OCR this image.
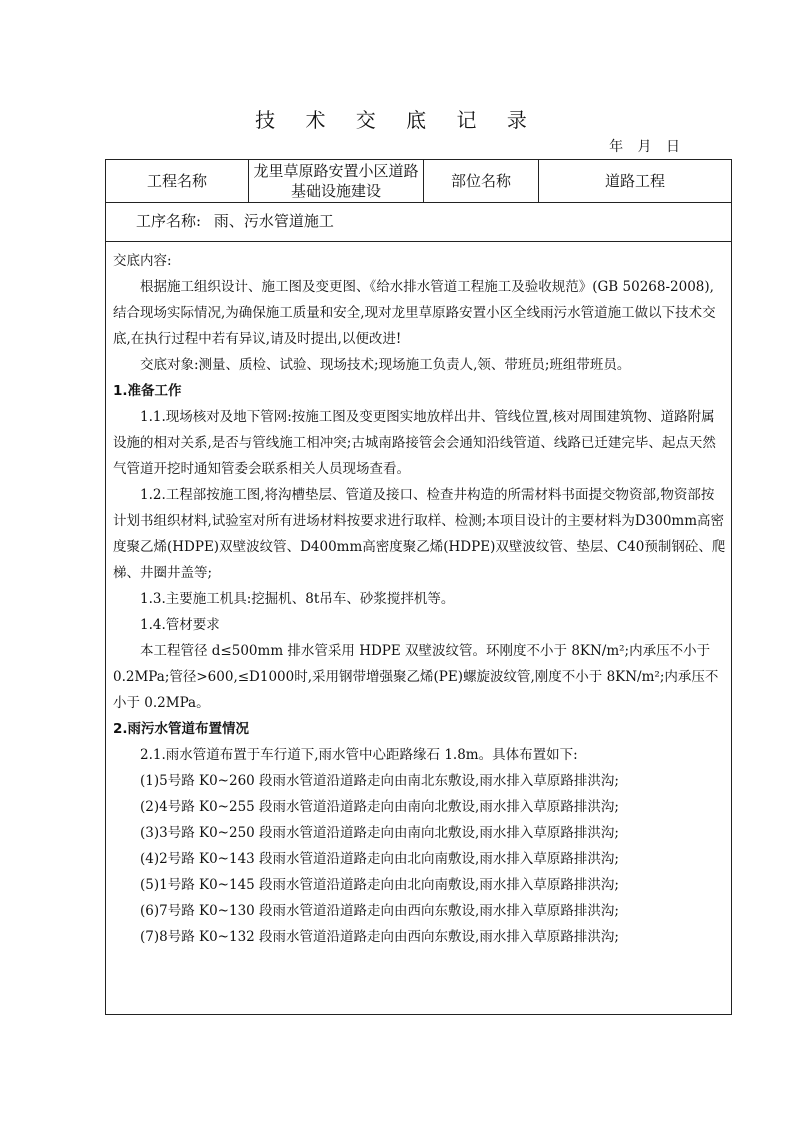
技 术 交 底 记 录
年 月 日
工程名称
龙里草原路安置小区道路基础设施建设
部位名称	道路工程
工序名称: 雨、污水管道施工

交底内容:

根据施工组织设计、施工图及变更图、《给水排水管道工程施工及验收规范》(GB 50268-2008),结合现场实际情况,为确保施工质量和安全,现对龙里草原路安置小区全线雨污水管道施工做以下技术交底,在执行过程中若有异议,请及时提出,以便改进!

交底对象:测量、质检、试验、现场技术;现场施工负责人,领、带班员;班组带班员。

1.准备工作

1.1.现场核对及地下管网:按施工图及变更图实地放样出井、管线位置,核对周围建筑物、道路附属设施的相对关系,是否与管线施工相冲突;古城南路接管会会通知沿线管道、线路已迁建完毕、起点天然气管道开挖时通知管委会联系相关人员现场查看。

1.2.工程部按施工图,将沟槽垫层、管道及接口、检查井构造的所需材料书面提交物资部,物资部按计划书组织材料,试验室对所有进场材料按要求进行取样、检测;本项目设计的主要材料为D300mm高密度聚乙烯(HDPE)双壁波纹管、D400mm高密度聚乙烯(HDPE)双壁波纹管、垫层、C40预制钢砼、爬梯、井圈井盖等;

1.3.主要施工机具:挖掘机、8t吊车、砂浆搅拌机等。

1.4.管材要求

本工程管径 d≤500mm 排水管采用 HDPE 双壁波纹管。环刚度不小于 8KN/m²;内承压不小于 0.2MPa;管径>600,≤D1000时,采用钢带增强聚乙烯(PE)螺旋波纹管,刚度不小于 8KN/m²;内承压不小于 0.2MPa。

2.雨污水管道布置情况

2.1.雨水管道布置于车行道下,雨水管中心距路缘石 1.8m。具体布置如下:

(1)5号路 K0~260 段雨水管道沿道路走向由南北东敷设,雨水排入草原路排洪沟;

(2)4号路 K0~255 段雨水管道沿道路走向由南向北敷设,雨水排入草原路排洪沟;

(3)3号路 K0~250 段雨水管道沿道路走向由南向北敷设,雨水排入草原路排洪沟;

(4)2号路 K0~143 段雨水管道沿道路走向由北向南敷设,雨水排入草原路排洪沟;

(5)1号路 K0~145 段雨水管道沿道路走向由北向南敷设,雨水排入草原路排洪沟;

(6)7号路 K0~130 段雨水管道沿道路走向由西向东敷设,雨水排入草原路排洪沟;

(7)8号路 K0~132 段雨水管道沿道路走向由西向东敷设,雨水排入草原路排洪沟;
